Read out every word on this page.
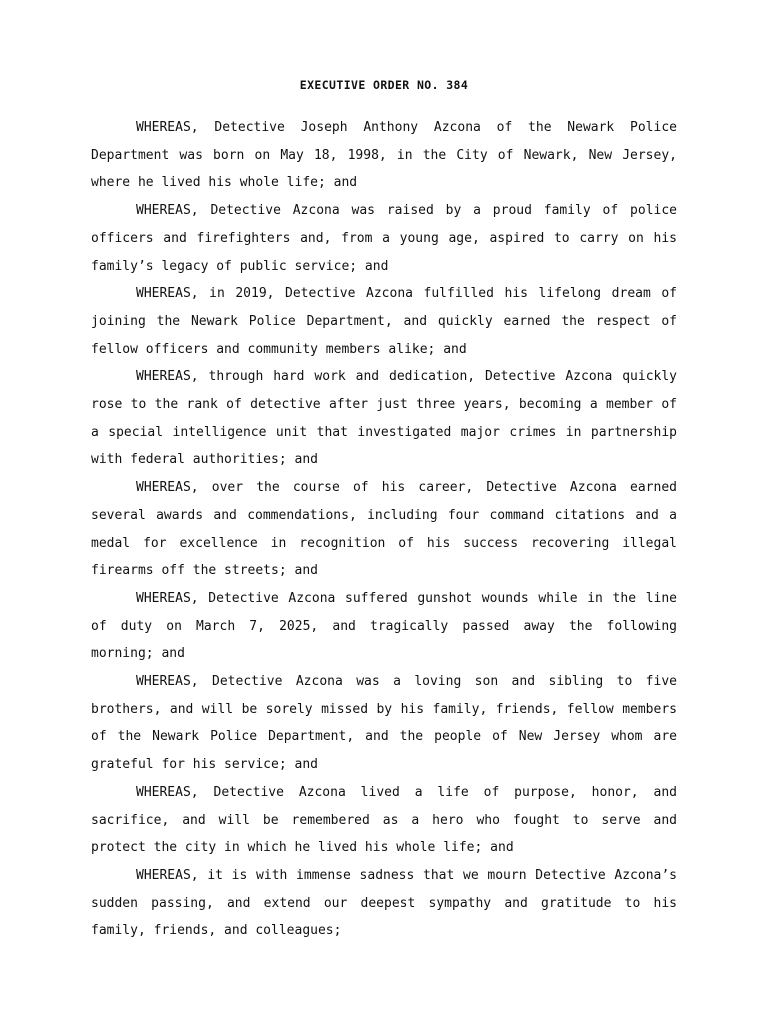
EXECUTIVE ORDER NO. 384

WHEREAS, Detective Joseph Anthony Azcona of the Newark Police Department was born on May 18, 1998, in the City of Newark, New Jersey, where he lived his whole life; and

WHEREAS, Detective Azcona was raised by a proud family of police officers and firefighters and, from a young age, aspired to carry on his family’s legacy of public service; and

WHEREAS, in 2019, Detective Azcona fulfilled his lifelong dream of joining the Newark Police Department, and quickly earned the respect of fellow officers and community members alike; and

WHEREAS, through hard work and dedication, Detective Azcona quickly rose to the rank of detective after just three years, becoming a member of a special intelligence unit that investigated major crimes in partnership with federal authorities; and

WHEREAS, over the course of his career, Detective Azcona earned several awards and commendations, including four command citations and a medal for excellence in recognition of his success recovering illegal firearms off the streets; and

WHEREAS, Detective Azcona suffered gunshot wounds while in the line of duty on March 7, 2025, and tragically passed away the following morning; and

WHEREAS, Detective Azcona was a loving son and sibling to five brothers, and will be sorely missed by his family, friends, fellow members of the Newark Police Department, and the people of New Jersey whom are grateful for his service; and

WHEREAS, Detective Azcona lived a life of purpose, honor, and sacrifice, and will be remembered as a hero who fought to serve and protect the city in which he lived his whole life; and

WHEREAS, it is with immense sadness that we mourn Detective Azcona’s sudden passing, and extend our deepest sympathy and gratitude to his family, friends, and colleagues;
